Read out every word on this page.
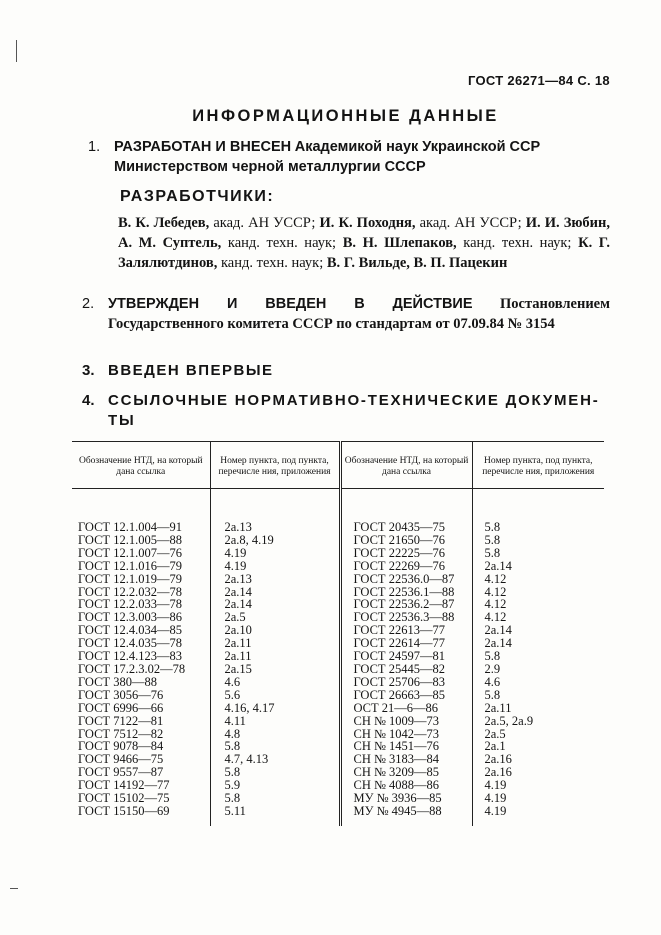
ГОСТ 26271—84 С. 18
ИНФОРМАЦИОННЫЕ ДАННЫЕ
1. РАЗРАБОТАН И ВНЕСЕН Академикой наук Украинской ССР
Министерством черной металлургии СССР
РАЗРАБОТЧИКИ:
В. К. Лебедев, акад. АН УССР; И. К. Походня, акад. АН УССР; И. И. Зюбин, А. М. Суптель, канд. техн. наук; В. Н. Шлепаков, канд. техн. наук; К. Г. Залялютдинов, канд. техн. наук; В. Г. Вильде, В. П. Пацекин
2. УТВЕРЖДЕН И ВВЕДЕН В ДЕЙСТВИЕ Постановлением Государственного комитета СССР по стандартам от 07.09.84 № 3154
3. ВВЕДЕН ВПЕРВЫЕ
4. ССЫЛОЧНЫЕ НОРМАТИВНО-ТЕХНИЧЕСКИЕ ДОКУМЕН-
ТЫ
Обозначение НТД, на который дана ссылка	Номер пункта, под пункта, перечисле ния, приложения	Обозначение НТД, на который дана ссылка	Номер пункта, под пункта, перечисле ния, приложения

ГОСТ 12.1.004—91	2а.13	ГОСТ 20435—75	5.8
ГОСТ 12.1.005—88	2а.8, 4.19	ГОСТ 21650—76	5.8
ГОСТ 12.1.007—76	4.19	ГОСТ 22225—76	5.8
ГОСТ 12.1.016—79	4.19	ГОСТ 22269—76	2а.14
ГОСТ 12.1.019—79	2а.13	ГОСТ 22536.0—87	4.12
ГОСТ 12.2.032—78	2а.14	ГОСТ 22536.1—88	4.12
ГОСТ 12.2.033—78	2а.14	ГОСТ 22536.2—87	4.12
ГОСТ 12.3.003—86	2а.5	ГОСТ 22536.3—88	4.12
ГОСТ 12.4.034—85	2а.10	ГОСТ 22613—77	2а.14
ГОСТ 12.4.035—78	2а.11	ГОСТ 22614—77	2а.14
ГОСТ 12.4.123—83	2а.11	ГОСТ 24597—81	5.8
ГОСТ 17.2.3.02—78	2а.15	ГОСТ 25445—82	2.9
ГОСТ 380—88	4.6	ГОСТ 25706—83	4.6
ГОСТ 3056—76	5.6	ГОСТ 26663—85	5.8
ГОСТ 6996—66	4.16, 4.17	ОСТ 21—6—86	2а.11
ГОСТ 7122—81	4.11	СН № 1009—73	2а.5, 2а.9
ГОСТ 7512—82	4.8	СН № 1042—73	2а.5
ГОСТ 9078—84	5.8	СН № 1451—76	2а.1
ГОСТ 9466—75	4.7, 4.13	СН № 3183—84	2а.16
ГОСТ 9557—87	5.8	СН № 3209—85	2а.16
ГОСТ 14192—77	5.9	СН № 4088—86	4.19
ГОСТ 15102—75	5.8	МУ № 3936—85	4.19
ГОСТ 15150—69	5.11	МУ № 4945—88	4.19
